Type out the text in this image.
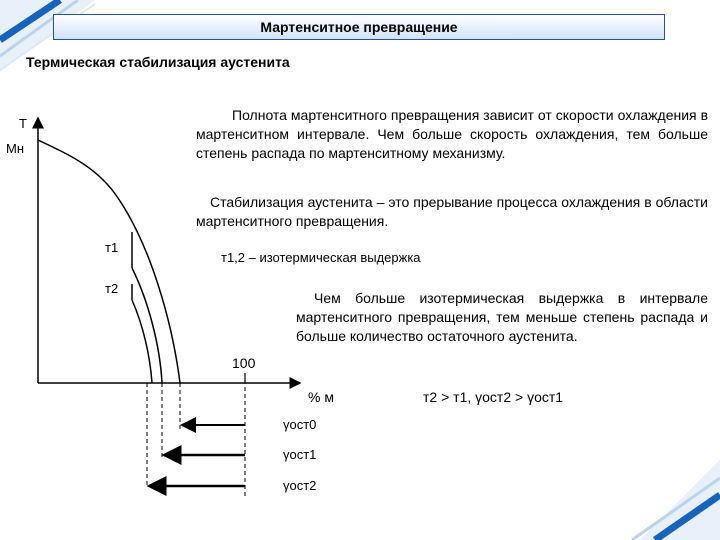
Мартенситное превращение
Термическая стабилизация аустенита
Полнота мартенситного превращения зависит от скорости охлаждения в мартенситном интервале. Чем больше скорость охлаждения, тем больше степень распада по мартенситному механизму.
Стабилизация аустенита – это прерывание процесса охлаждения в области мартенситного превращения.
т1,2 – изотермическая выдержка
Чем больше изотермическая выдержка в интервале мартенситного превращения, тем меньше степень распада и больше количество остаточного аустенита.
т2 > т1, γост2 > γост1
Т
Мн
т1
т2
100
% м
γост0
γост1
γост2
